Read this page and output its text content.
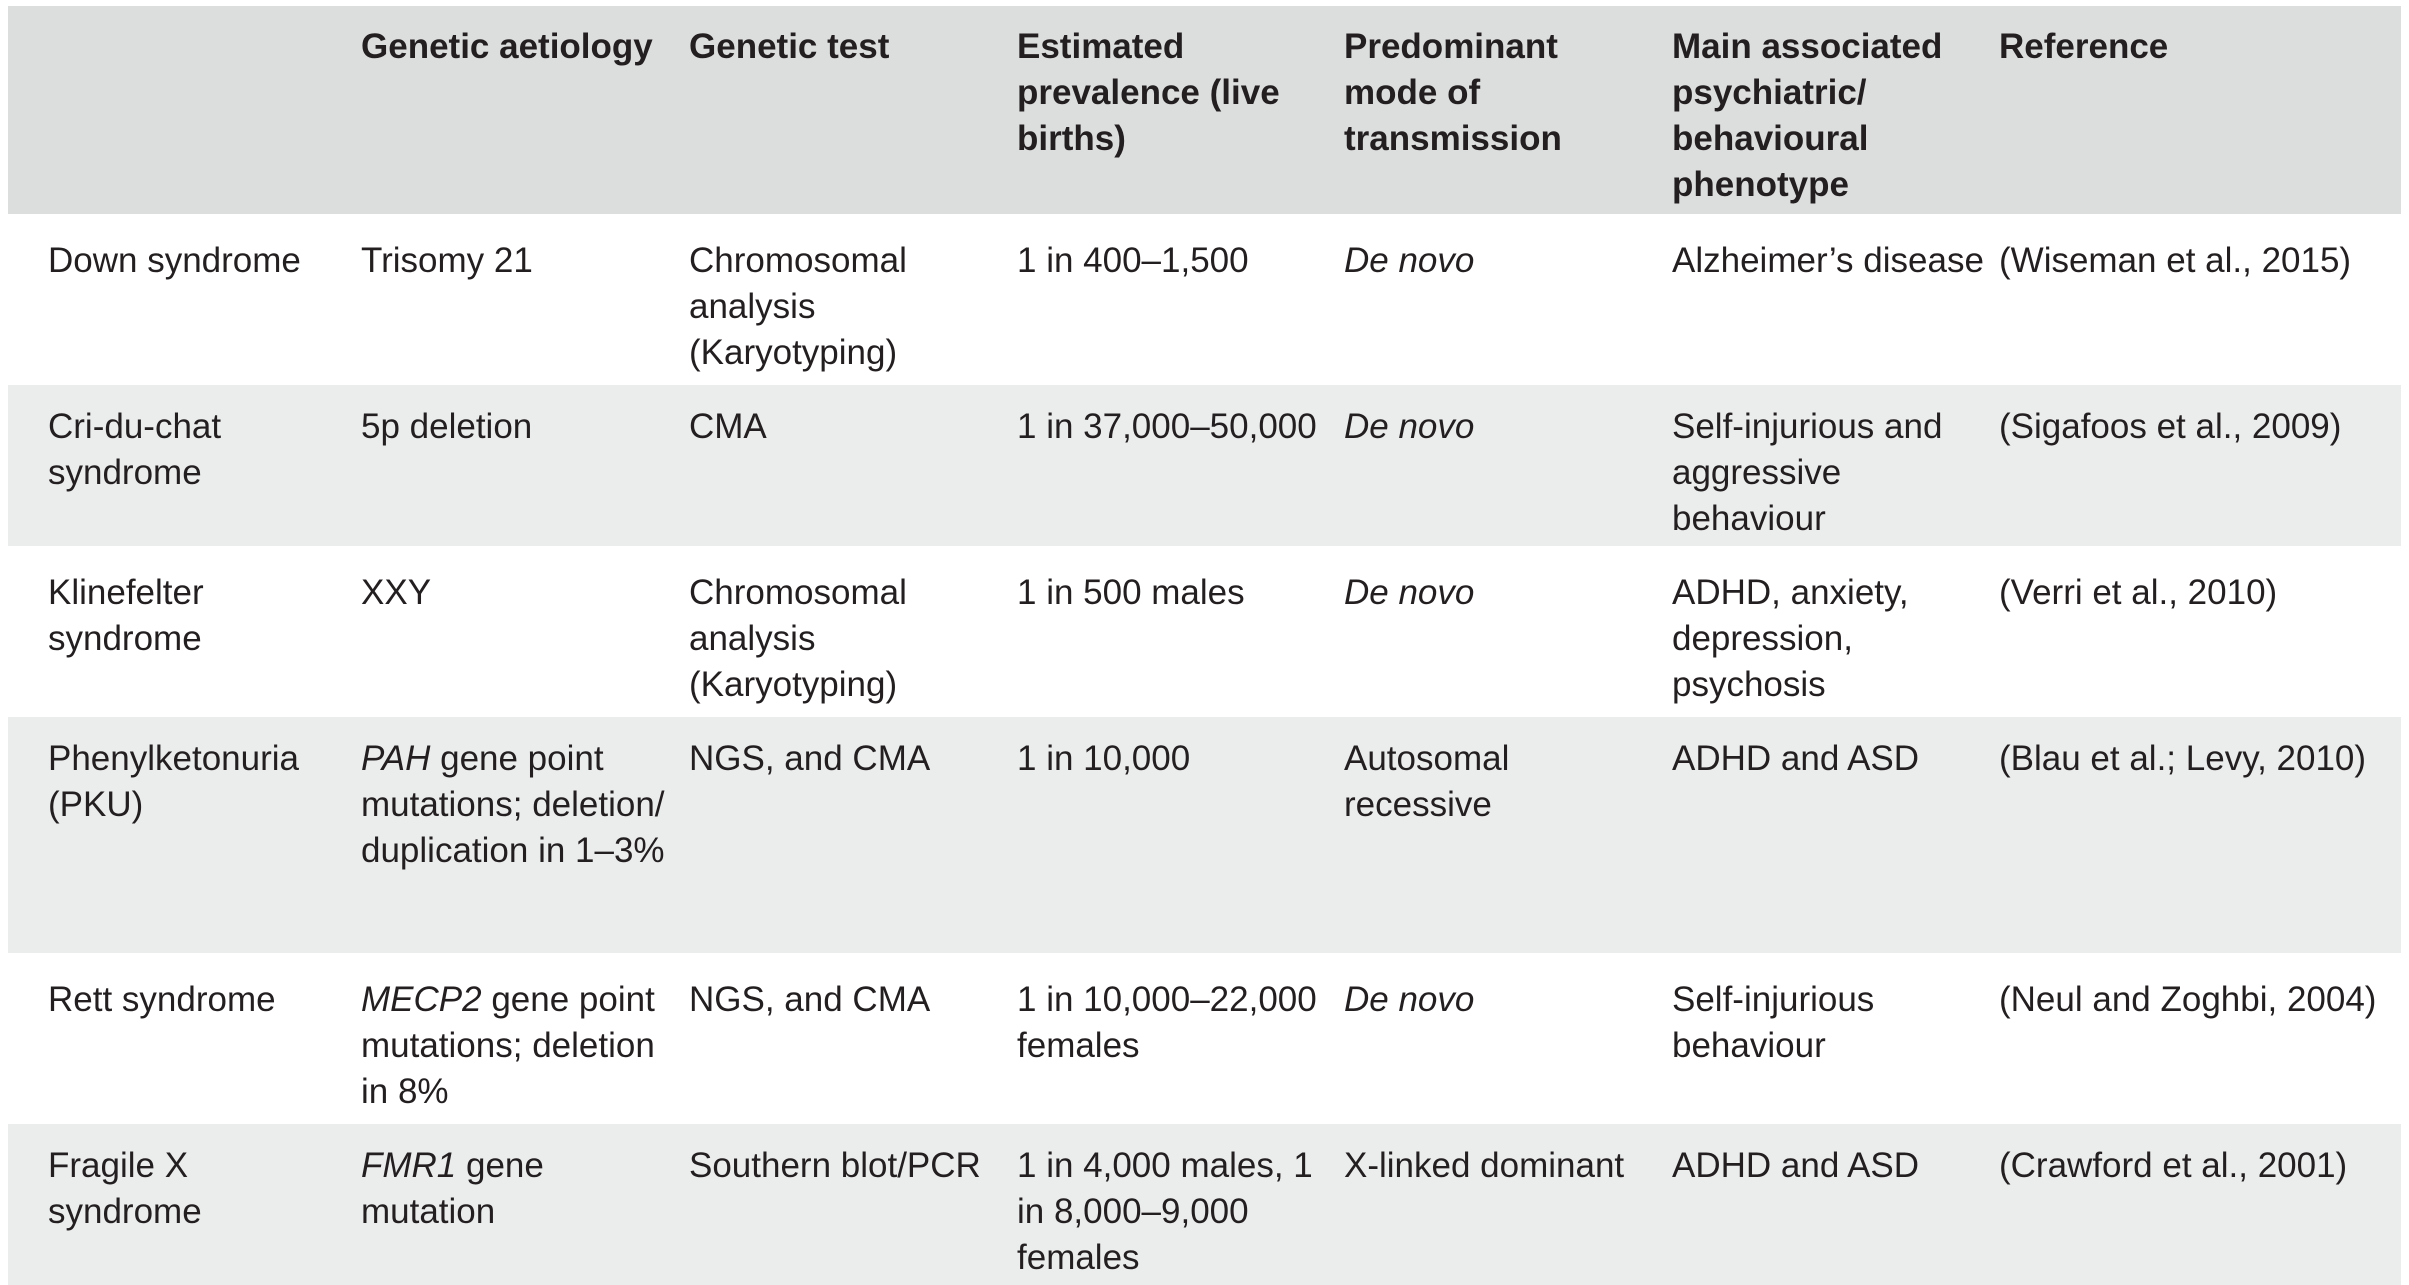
	Genetic aetiology	Genetic test	Estimated prevalence (live births)	Predominant mode of transmission	Main associated psychiatric/ behavioural phenotype	Reference
Down syndrome	Trisomy 21	Chromosomal analysis (Karyotyping)	1 in 400–1,500	De novo	Alzheimer’s disease	(Wiseman et al., 2015)
Cri-du-chat syndrome	5p deletion	CMA	1 in 37,000–50,000	De novo	Self-injurious and aggressive behaviour	(Sigafoos et al., 2009)
Klinefelter syndrome	XXY	Chromosomal analysis (Karyotyping)	1 in 500 males	De novo	ADHD, anxiety, depression, psychosis	(Verri et al., 2010)
Phenylketonuria (PKU)	PAH gene point mutations; deletion/ duplication in 1–3%	NGS, and CMA	1 in 10,000	Autosomal recessive	ADHD and ASD	(Blau et al.; Levy, 2010)
Rett syndrome	MECP2 gene point mutations; deletion in 8%	NGS, and CMA	1 in 10,000–22,000 females	De novo	Self-injurious behaviour	(Neul and Zoghbi, 2004)
Fragile X syndrome	FMR1 gene mutation	Southern blot/PCR	1 in 4,000 males, 1 in 8,000–9,000 females	X-linked dominant	ADHD and ASD	(Crawford et al., 2001)
